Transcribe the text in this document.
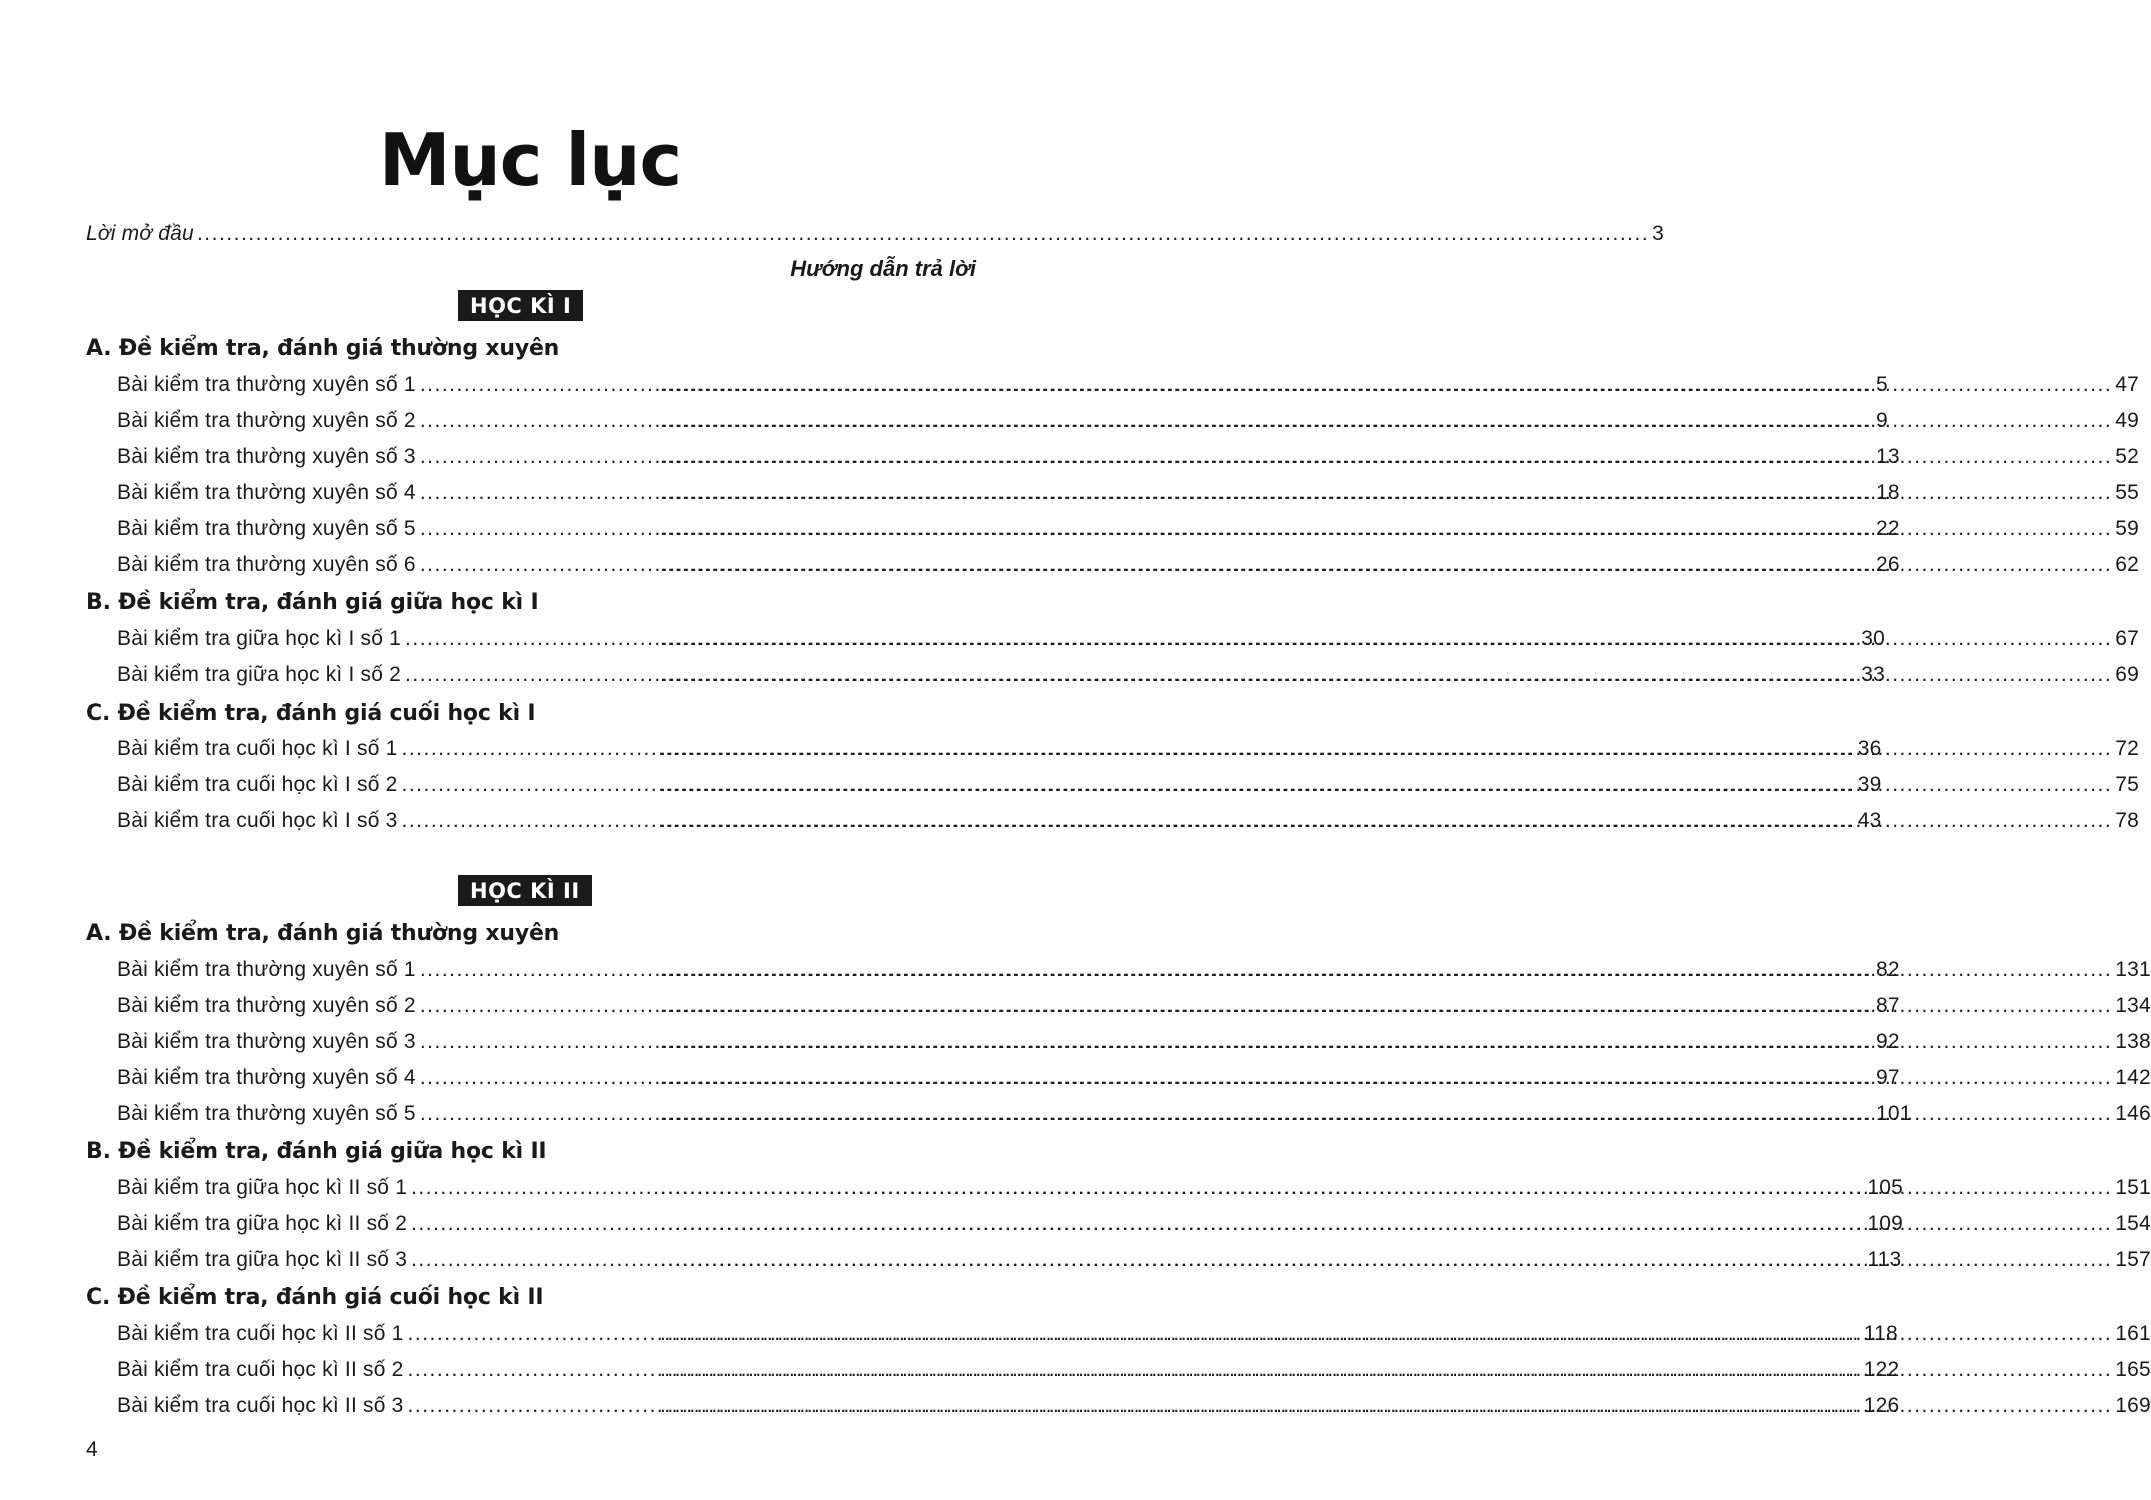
Mục lục
Lời mở đầu .....	3
Hướng dẫn trả lời
HỌC KÌ I
A. Đề kiểm tra, đánh giá thường xuyên
Bài kiểm tra thường xuyên số 1 .....	5 .....	47
Bài kiểm tra thường xuyên số 2 .....	9 .....	49
Bài kiểm tra thường xuyên số 3 .....	13 .....	52
Bài kiểm tra thường xuyên số 4 .....	18 .....	55
Bài kiểm tra thường xuyên số 5 .....	22 .....	59
Bài kiểm tra thường xuyên số 6 .....	26 .....	62
B. Đề kiểm tra, đánh giá giữa học kì I
Bài kiểm tra giữa học kì I số 1 .....	30 .....	67
Bài kiểm tra giữa học kì I số 2 .....	33 .....	69
C. Đề kiểm tra, đánh giá cuối học kì I
Bài kiểm tra cuối học kì I số 1 .....	36 .....	72
Bài kiểm tra cuối học kì I số 2 .....	39 .....	75
Bài kiểm tra cuối học kì I số 3 .....	43 .....	78
HỌC KÌ II
A. Đề kiểm tra, đánh giá thường xuyên
Bài kiểm tra thường xuyên số 1 .....	82 .....	131
Bài kiểm tra thường xuyên số 2 .....	87 .....	134
Bài kiểm tra thường xuyên số 3 .....	92 .....	138
Bài kiểm tra thường xuyên số 4 .....	97 .....	142
Bài kiểm tra thường xuyên số 5 .....	101 .....	146
B. Đề kiểm tra, đánh giá giữa học kì II
Bài kiểm tra giữa học kì II số 1 .....	105 .....	151
Bài kiểm tra giữa học kì II số 2 .....	109 .....	154
Bài kiểm tra giữa học kì II số 3 .....	113 .....	157
C. Đề kiểm tra, đánh giá cuối học kì II
Bài kiểm tra cuối học kì II số 1 .....	118 .....	161
Bài kiểm tra cuối học kì II số 2 .....	122 .....	165
Bài kiểm tra cuối học kì II số 3 .....	126 .....	169
4
